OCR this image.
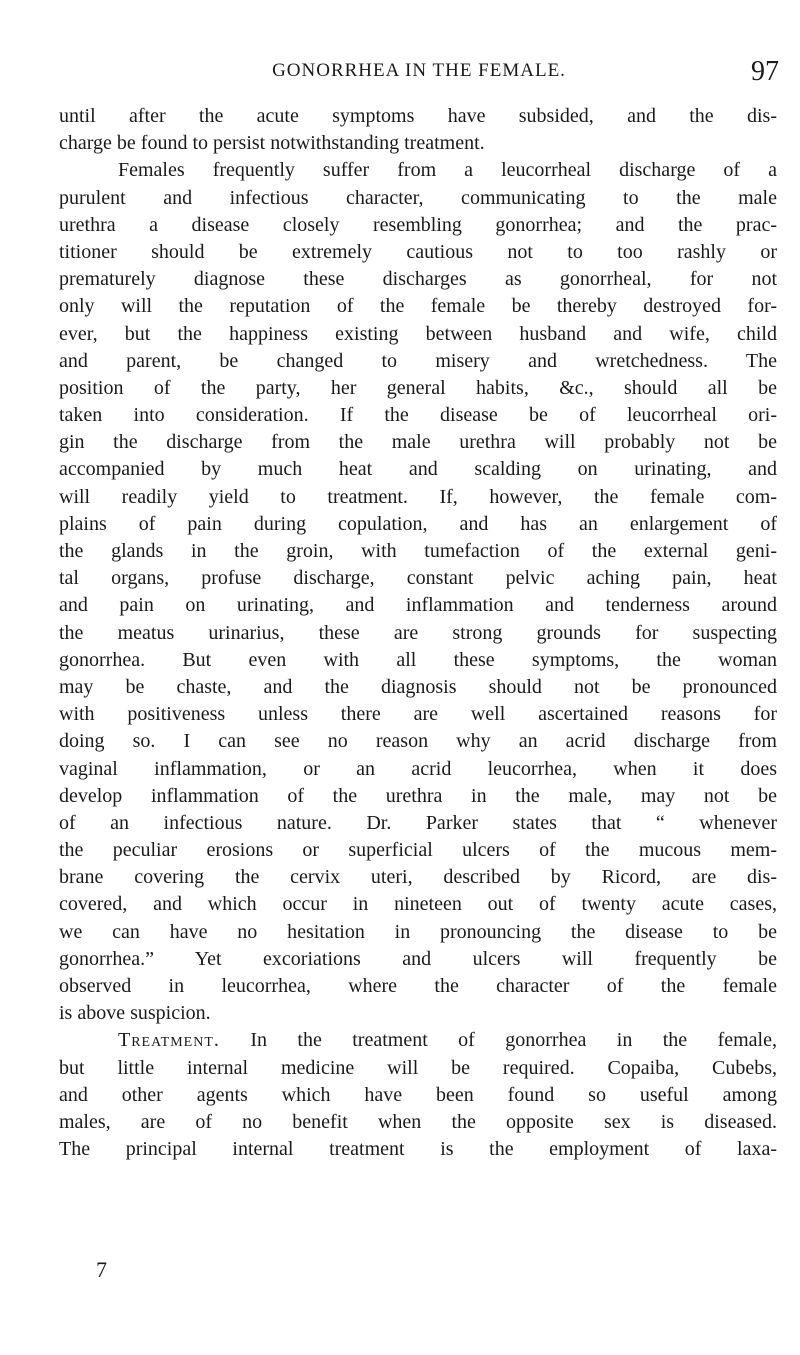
GONORRHEA IN THE FEMALE.	97
until after the acute symptoms have subsided, and the dis-
charge be found to persist notwithstanding treatment.
Females frequently suffer from a leucorrheal discharge of a
purulent and infectious character, communicating to the male
urethra a disease closely resembling gonorrhea; and the prac-
titioner should be extremely cautious not to too rashly or
prematurely diagnose these discharges as gonorrheal, for not
only will the reputation of the female be thereby destroyed for-
ever, but the happiness existing between husband and wife, child
and parent, be changed to misery and wretchedness. The
position of the party, her general habits, &c., should all be
taken into consideration. If the disease be of leucorrheal ori-
gin the discharge from the male urethra will probably not be
accompanied by much heat and scalding on urinating, and
will readily yield to treatment. If, however, the female com-
plains of pain during copulation, and has an enlargement of
the glands in the groin, with tumefaction of the external geni-
tal organs, profuse discharge, constant pelvic aching pain, heat
and pain on urinating, and inflammation and tenderness around
the meatus urinarius, these are strong grounds for suspecting
gonorrhea. But even with all these symptoms, the woman
may be chaste, and the diagnosis should not be pronounced
with positiveness unless there are well ascertained reasons for
doing so. I can see no reason why an acrid discharge from
vaginal inflammation, or an acrid leucorrhea, when it does
develop inflammation of the urethra in the male, may not be
of an infectious nature. Dr. Parker states that “ whenever
the peculiar erosions or superficial ulcers of the mucous mem-
brane covering the cervix uteri, described by Ricord, are dis-
covered, and which occur in nineteen out of twenty acute cases,
we can have no hesitation in pronouncing the disease to be
gonorrhea.” Yet excoriations and ulcers will frequently be
observed in leucorrhea, where the character of the female
is above suspicion.
Treatment. In the treatment of gonorrhea in the female,
but little internal medicine will be required. Copaiba, Cubebs,
and other agents which have been found so useful among
males, are of no benefit when the opposite sex is diseased.
The principal internal treatment is the employment of laxa-
7
